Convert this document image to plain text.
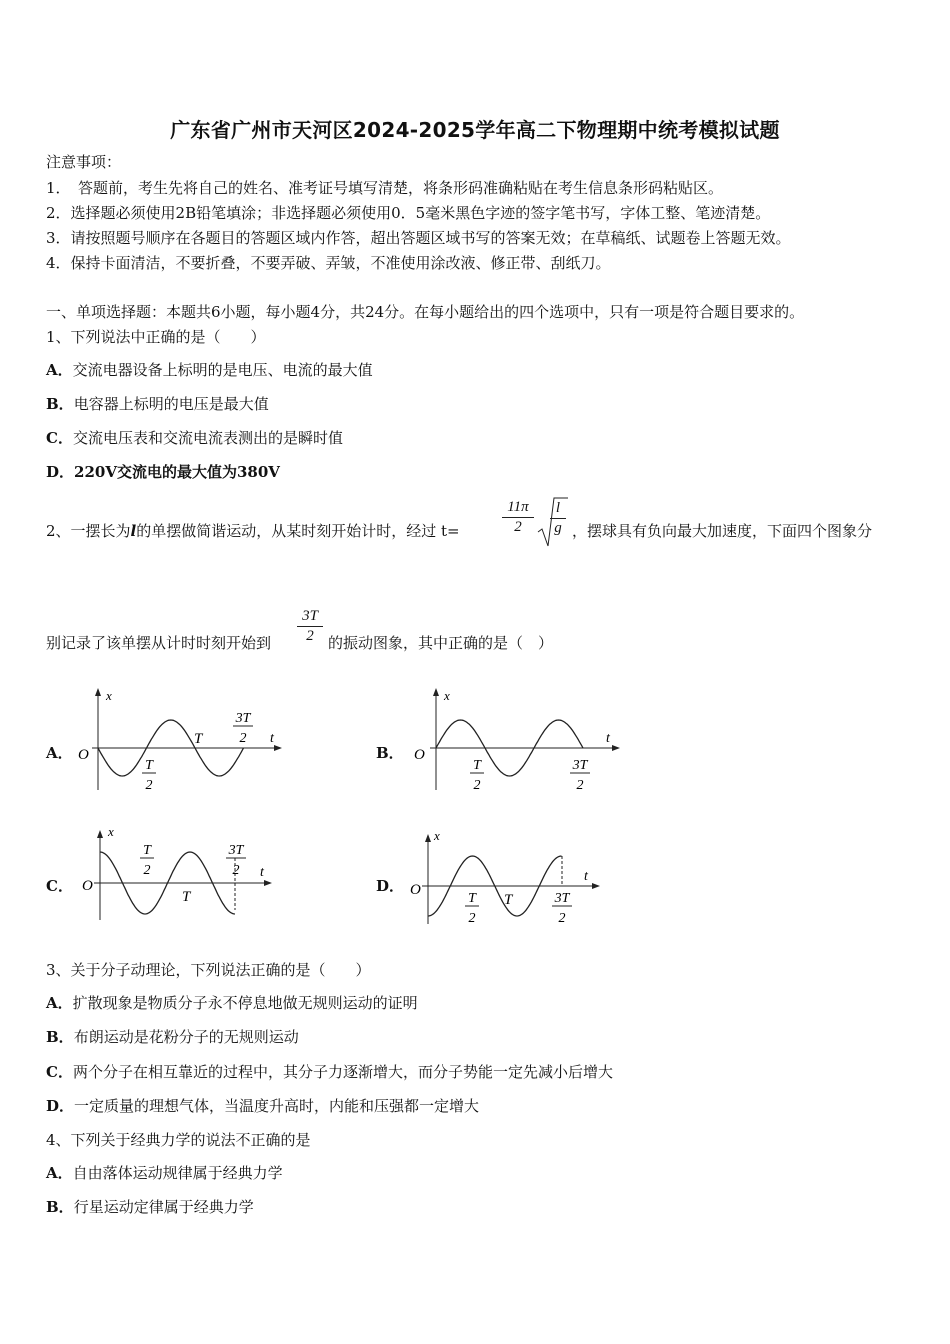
广东省广州市天河区2024-2025学年高二下物理期中统考模拟试题
注意事项：
1．　答题前，考生先将自己的姓名、准考证号填写清楚，将条形码准确粘贴在考生信息条形码粘贴区。
2．选择题必须使用2B铅笔填涂；非选择题必须使用0．5毫米黑色字迹的签字笔书写，字体工整、笔迹清楚。
3．请按照题号顺序在各题目的答题区域内作答，超出答题区域书写的答案无效；在草稿纸、试题卷上答题无效。
4．保持卡面清洁，不要折叠，不要弄破、弄皱，不准使用涂改液、修正带、刮纸刀。
一、单项选择题：本题共6小题，每小题4分，共24分。在每小题给出的四个选项中，只有一项是符合题目要求的。
1、下列说法中正确的是（　　）
A．交流电器设备上标明的是电压、电流的最大值
B．电容器上标明的电压是最大值
C．交流电压表和交流电流表测出的是瞬时值
D．220V交流电的最大值为380V
2、一摆长为l的单摆做简谐运动，从某时刻开始计时，经过 t=
11π
2
l
g ，摆球具有负向最大加速度，下面四个图象分
别记录了该单摆从计时时刻开始到
3T
2 的振动图象，其中正确的是（　）
A．	B．
C．	D．
x
t
O
T
T
2
3T
2
x
t
O
T
2
3T
2
x
t
O
T
T
2
3T
2
x
t
O
T
T
2
3T
2
3、关于分子动理论，下列说法正确的是（　　）
A．扩散现象是物质分子永不停息地做无规则运动的证明
B．布朗运动是花粉分子的无规则运动
C．两个分子在相互靠近的过程中，其分子力逐渐增大，而分子势能一定先减小后增大
D．一定质量的理想气体，当温度升高时，内能和压强都一定增大
4、下列关于经典力学的说法不正确的是
A．自由落体运动规律属于经典力学
B．行星运动定律属于经典力学
